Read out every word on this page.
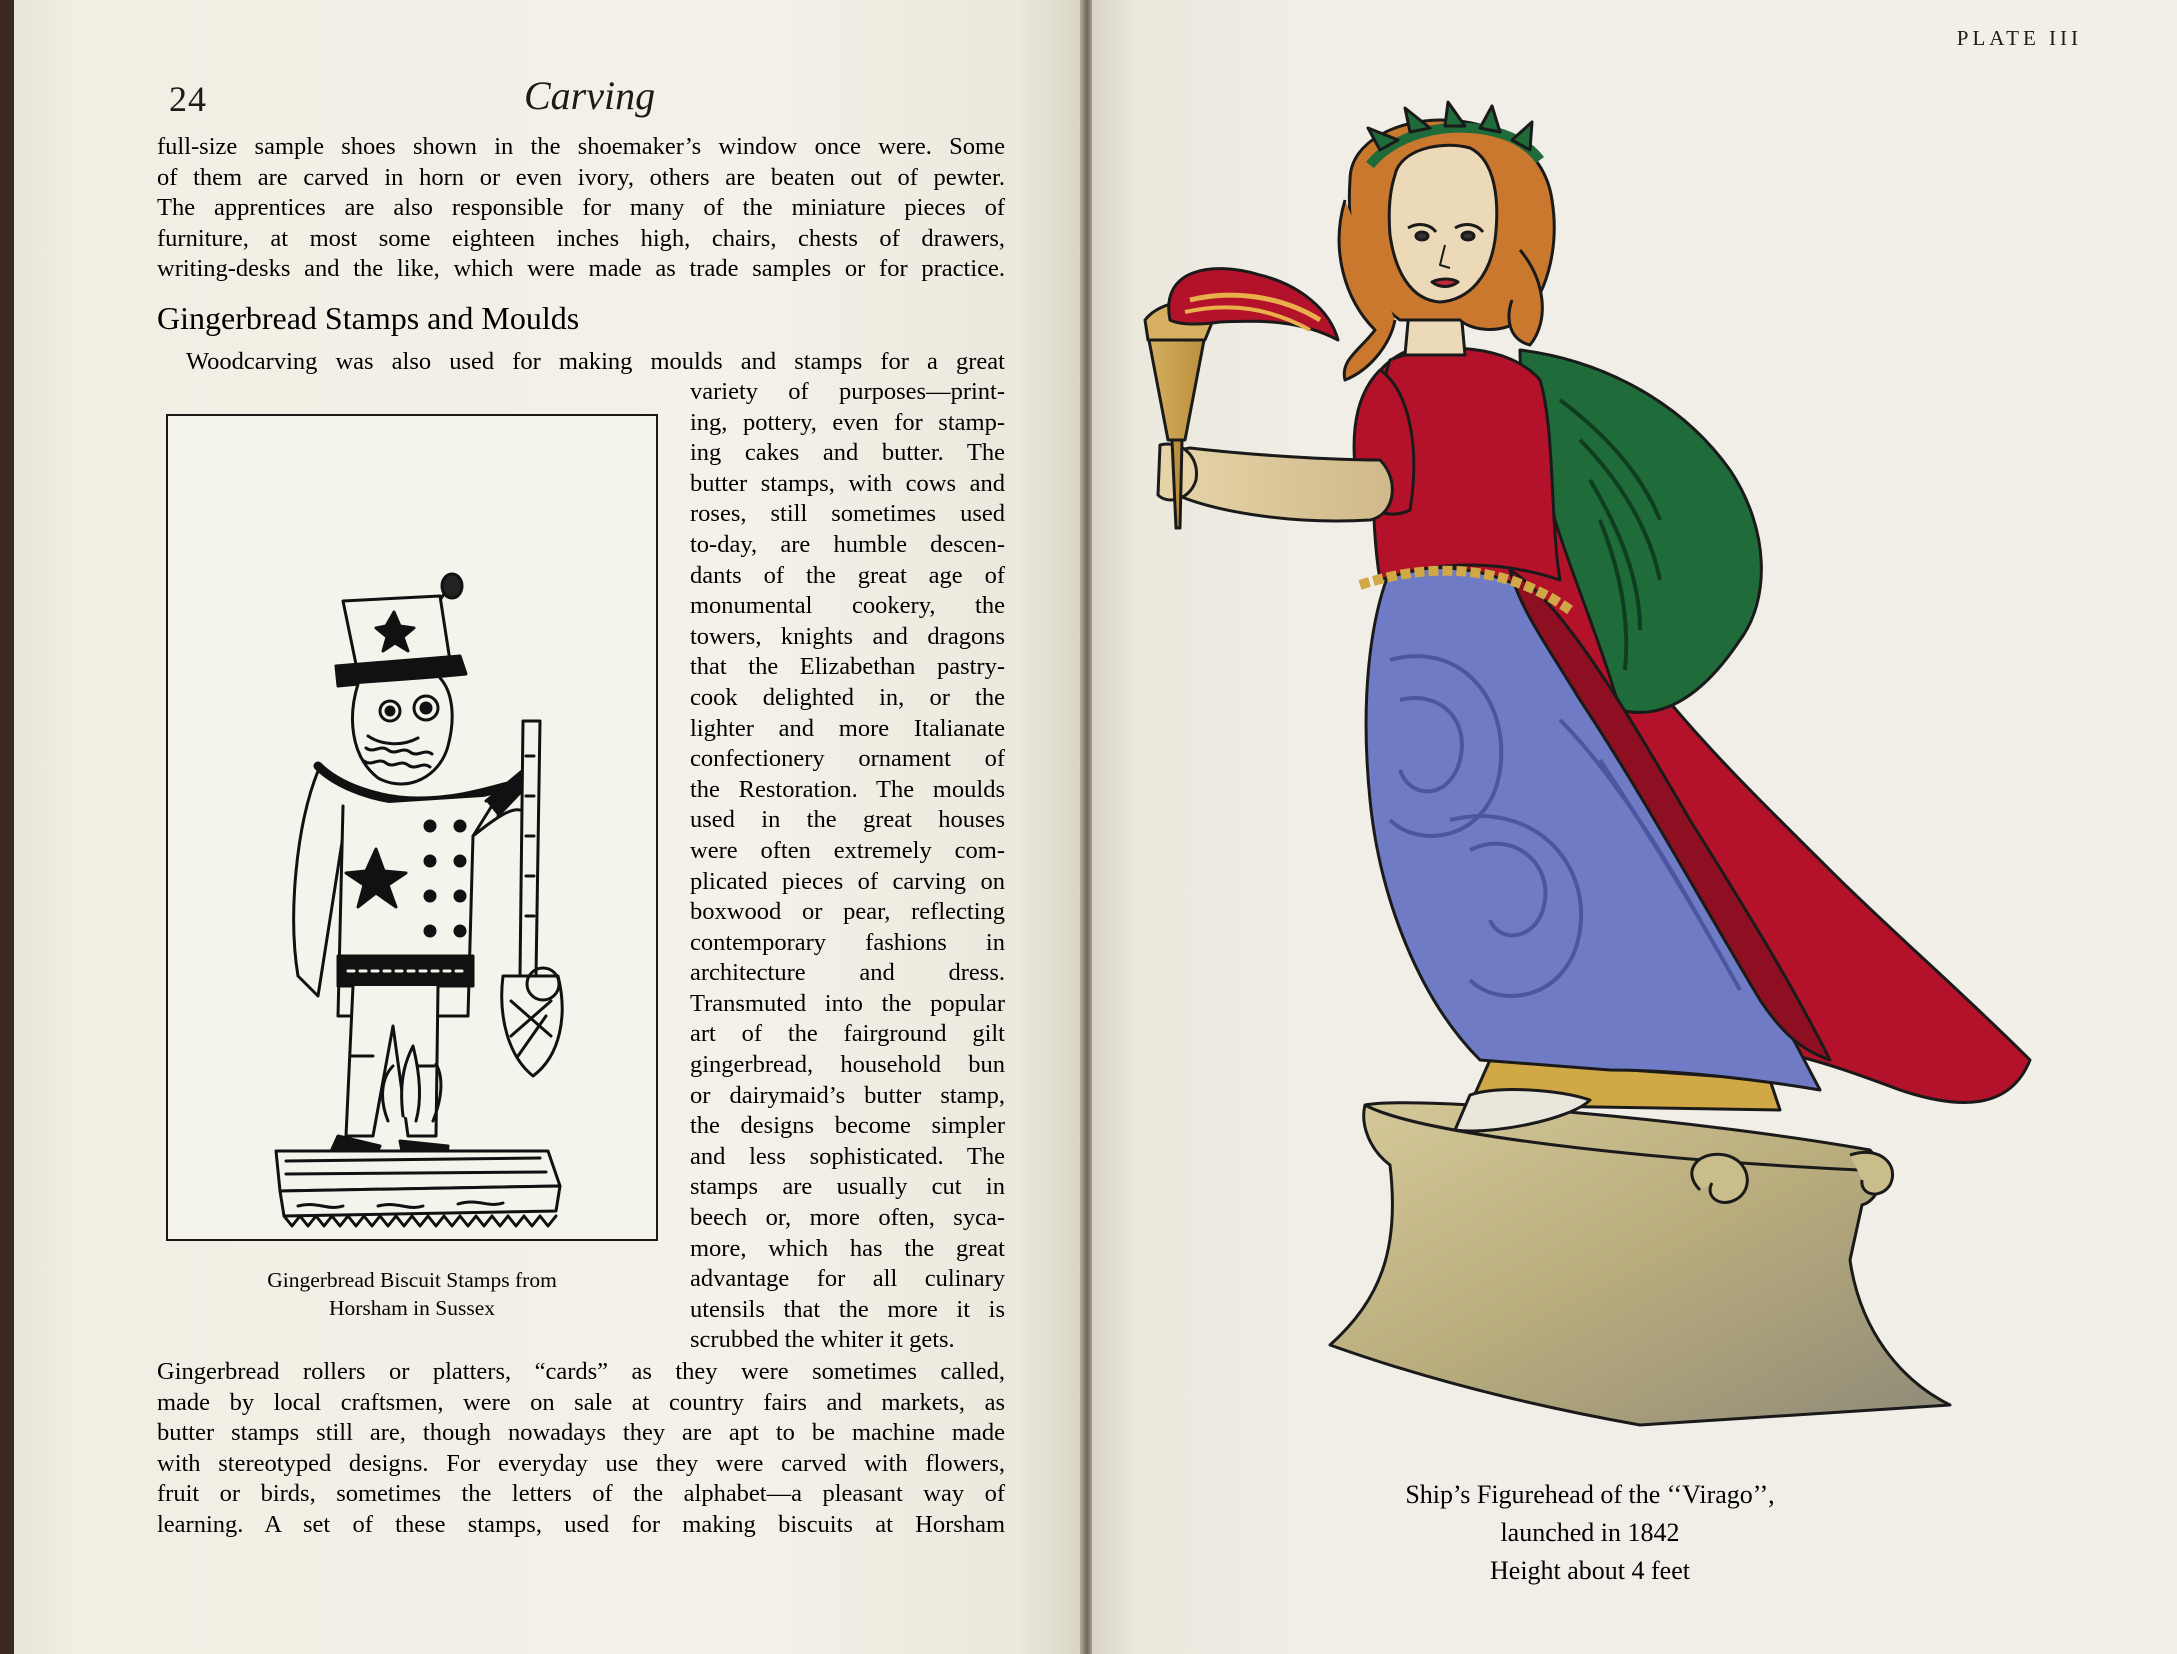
24	Carving

full-size sample shoes shown in the shoemaker’s window once were. Some

of them are carved in horn or even ivory, others are beaten out of pewter.

The apprentices are also responsible for many of the miniature pieces of

furniture, at most some eighteen inches high, chairs, chests of drawers,

writing-desks and the like, which were made as trade samples or for practice.

Gingerbread Stamps and Moulds
Woodcarving was also used for making moulds and stamps for a great

variety of purposes—print-

ing, pottery, even for stamp-

ing cakes and butter. The

butter stamps, with cows and

roses, still sometimes used

to-day, are humble descen-

dants of the great age of

monumental cookery, the

towers, knights and dragons

that the Elizabethan pastry-

cook delighted in, or the

lighter and more Italianate

confectionery ornament of

the Restoration. The moulds

used in the great houses

were often extremely com-

plicated pieces of carving on

boxwood or pear, reflecting

contemporary fashions in

architecture and dress.

Transmuted into the popular

art of the fairground gilt

gingerbread, household bun

or dairymaid’s butter stamp,

the designs become simpler

and less sophisticated. The

stamps are usually cut in

beech or, more often, syca-

more, which has the great

advantage for all culinary

utensils that the more it is

scrubbed the whiter it gets.

Gingerbread Biscuit Stamps from
Horsham in Sussex

Gingerbread rollers or platters, “cards” as they were sometimes called,

made by local craftsmen, were on sale at country fairs and markets, as

butter stamps still are, though nowadays they are apt to be machine made

with stereotyped designs. For everyday use they were carved with flowers,

fruit or birds, sometimes the letters of the alphabet—a pleasant way of

learning. A set of these stamps, used for making biscuits at Horsham

PLATE III
Ship’s Figurehead of the ‘‘Virago’’,
launched in 1842
Height about 4 feet
